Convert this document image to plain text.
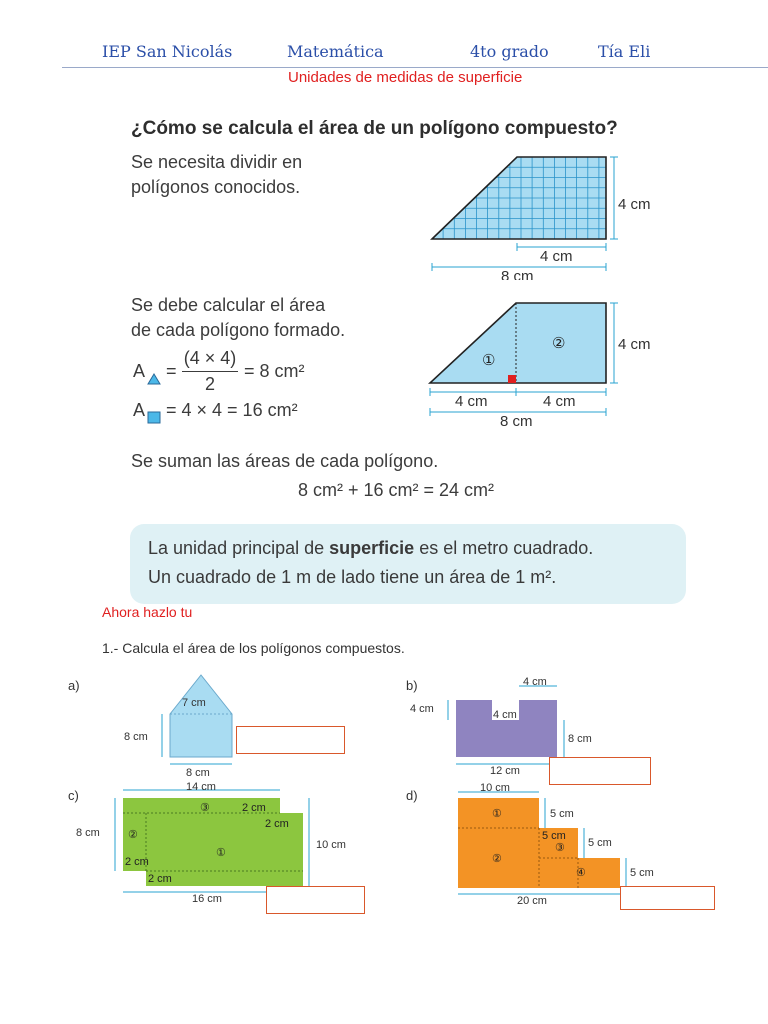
IEP San Nicolás	Matemática	4to grado	Tía Eli
Unidades de medidas de superficie
¿Cómo se calcula el área de un polígono compuesto?
Se necesita dividir en
polígonos conocidos.
4 cm
4 cm
8 cm
Se debe calcular el área
de cada polígono formado.
A =
(4 × 4)
2
= 8 cm²
A = 4 × 4 = 16 cm²
①
②	4 cm
4 cm	4 cm
8 cm
Se suman las áreas de cada polígono.
8 cm² + 16 cm² = 24 cm²
La unidad principal de superficie es el metro cuadrado.
Un cuadrado de 1 m de lado tiene un área de 1 m².
Ahora hazlo tu
1.- Calcula el área de los polígonos compuestos.
a)
7 cm
8 cm
8 cm
b)	4 cm
4 cm
4 cm
8 cm
12 cm
c)
14 cm
③
②
①
2 cm
2 cm
2 cm
2 cm
8 cm
10 cm
16 cm
d)	10 cm
①
②
③
④
5 cm
5 cm
5 cm
5 cm
20 cm
